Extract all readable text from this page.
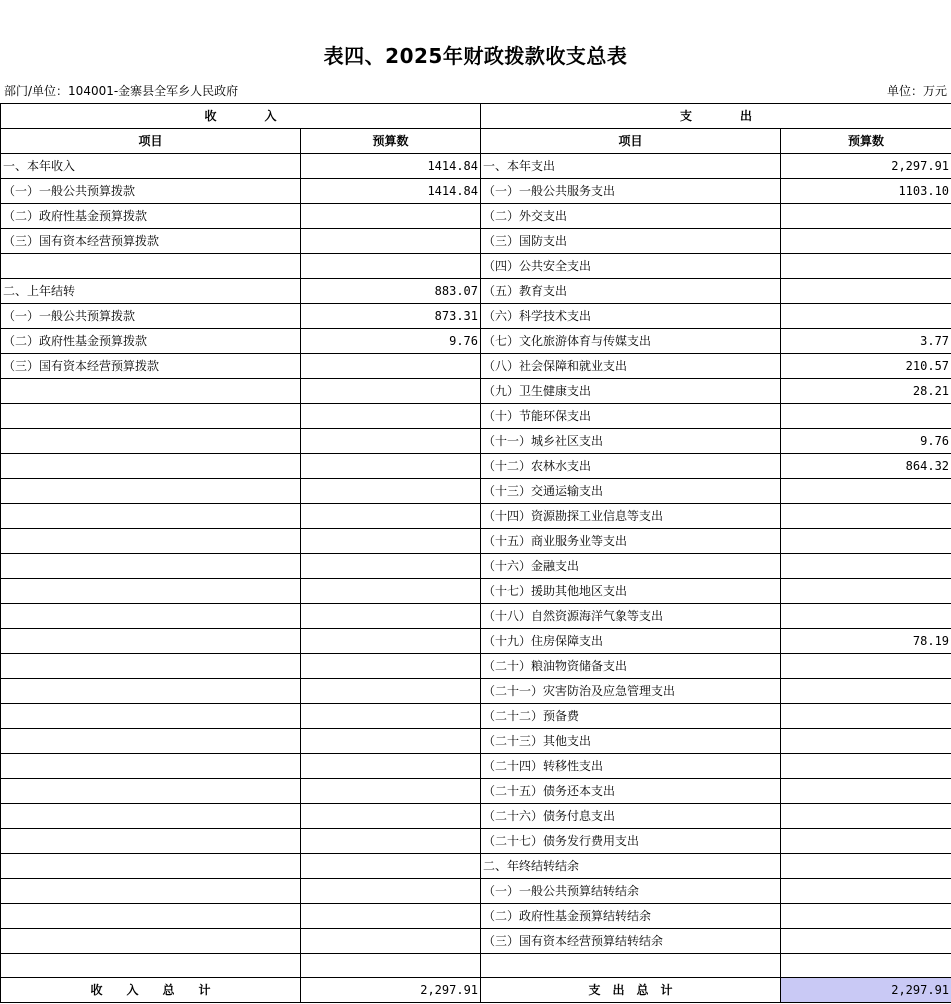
表四、2025年财政拨款收支总表
部门/单位：104001-金寨县全军乡人民政府	单位：万元
收　　　　入		支　　　　出	
项目	预算数	项目	预算数
一、本年收入	1414.84	一、本年支出	2,297.91
（一）一般公共预算拨款	1414.84	（一）一般公共服务支出	1103.10
（二）政府性基金预算拨款		（二）外交支出	
（三）国有资本经营预算拨款		（三）国防支出	
		（四）公共安全支出	
二、上年结转	883.07	（五）教育支出	
（一）一般公共预算拨款	873.31	（六）科学技术支出	
（二）政府性基金预算拨款	9.76	（七）文化旅游体育与传媒支出	3.77
（三）国有资本经营预算拨款		（八）社会保障和就业支出	210.57
		（九）卫生健康支出	28.21
		（十）节能环保支出	
		（十一）城乡社区支出	9.76
		（十二）农林水支出	864.32
		（十三）交通运输支出	
		（十四）资源勘探工业信息等支出	
		（十五）商业服务业等支出	
		（十六）金融支出	
		（十七）援助其他地区支出	
		（十八）自然资源海洋气象等支出	
		（十九）住房保障支出	78.19
		（二十）粮油物资储备支出	
		（二十一）灾害防治及应急管理支出	
		（二十二）预备费	
		（二十三）其他支出	
		（二十四）转移性支出	
		（二十五）债务还本支出	
		（二十六）债务付息支出	
		（二十七）债务发行费用支出	
		二、年终结转结余	
		（一）一般公共预算结转结余	
		（二）政府性基金预算结转结余	
		（三）国有资本经营预算结转结余	

收　　入　　总　　计	2,297.91	支　出　总　计	2,297.91
